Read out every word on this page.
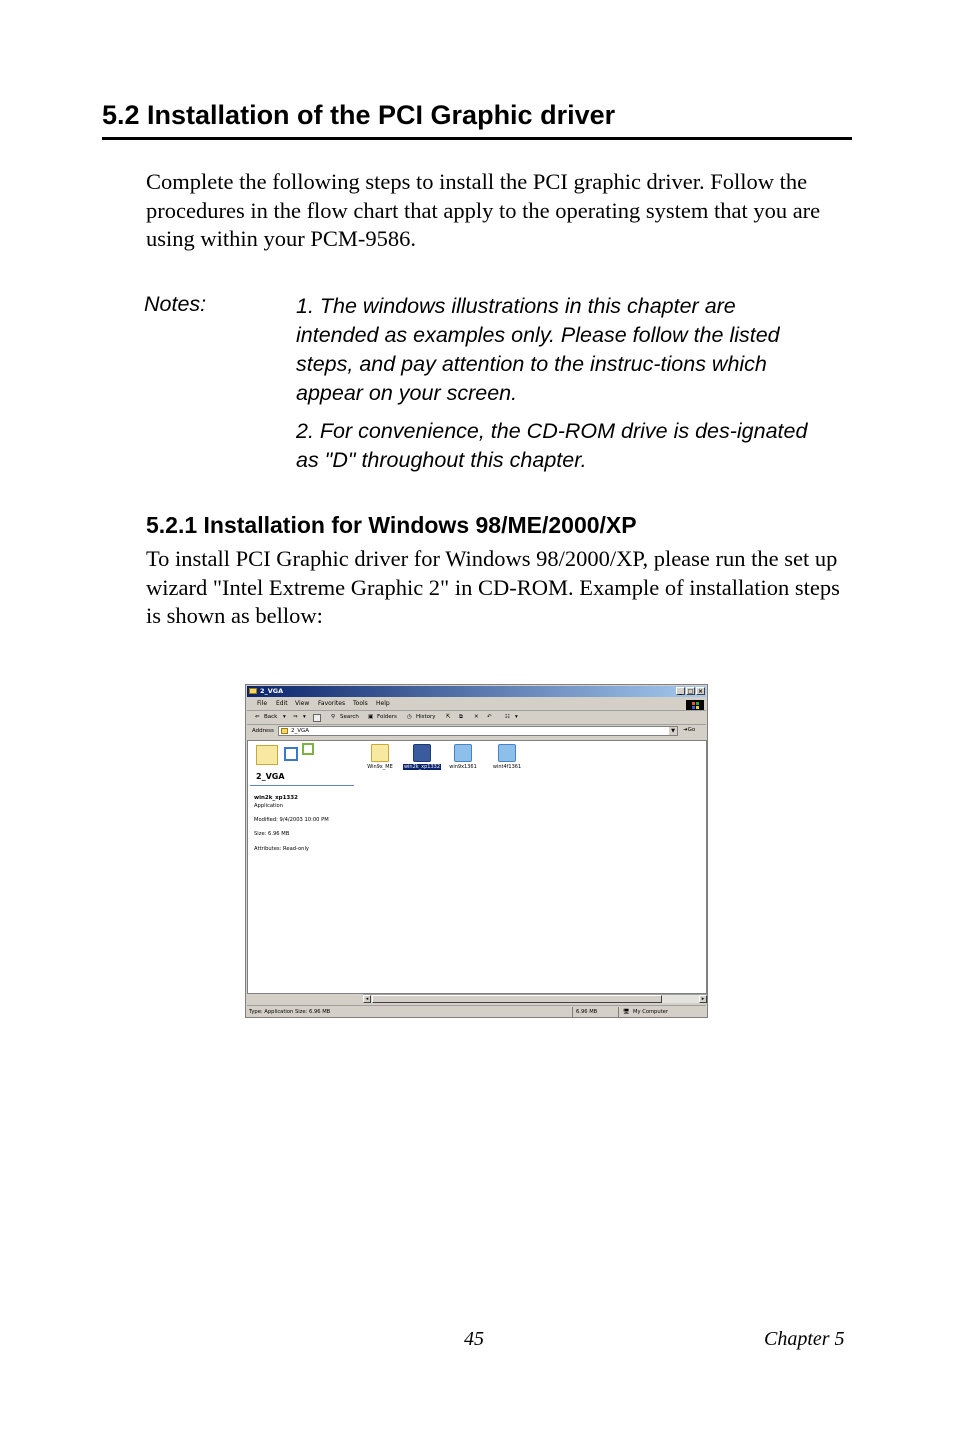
5.2 Installation of the PCI Graphic driver
Complete the following steps to install the PCI graphic driver. Follow the procedures in the flow chart that apply to the operating system that you are using within your PCM-9586.
Notes:	1. The windows illustrations in this chapter are intended as examples only. Please follow the listed steps, and pay attention to the instruc-tions which appear on your screen.
2. For convenience, the CD-ROM drive is des-ignated as "D" throughout this chapter.
5.2.1 Installation for Windows 98/ME/2000/XP
To install PCI Graphic driver for Windows 98/2000/XP, please run the set up wizard "Intel Extreme Graphic 2" in CD-ROM. Example of installation steps is shown as bellow:
2_VGA	_ □ ×
File Edit View Favorites Tools Help
⇐ Back ▾ ⇒ ▾	⚲ Search ▣ Folders ◷ History ⇱ ⧉ ✕ ↶ ☷ ▾
Address	2_VGA	▼	➜Go
2_VGA
win2k_xp1332
Application
Modified: 9/4/2003 10:00 PM
Size: 6.96 MB
Attributes: Read-only
Win9x_ME	win2k_xp1332	win9x1361	wint4f1361
◂	▸
Type: Application Size: 6.96 MB	6.96 MB	🖥 My Computer
45	Chapter 5
